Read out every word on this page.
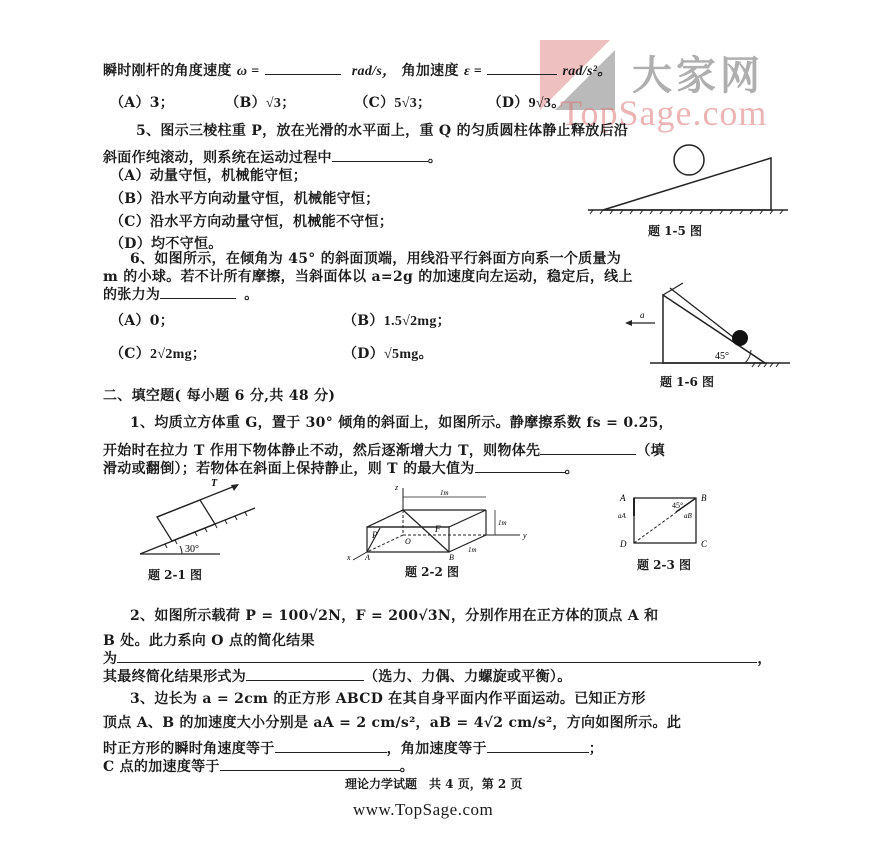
大家网
TopSage.com
瞬时刚杆的角度速度 ω =	rad/s， 角加速度 ε =	rad/s²。
（A）3；	（B）√3；	（C）5√3；	（D）9√3。
5、图示三棱柱重 P，放在光滑的水平面上，重 Q 的匀质圆柱体静止释放后沿
斜面作纯滚动，则系统在运动过程中	。
（A）动量守恒，机械能守恒；
（B）沿水平方向动量守恒，机械能守恒；
（C）沿水平方向动量守恒，机械能不守恒；
（D）均不守恒。
题 1-5 图
6、如图所示，在倾角为 45° 的斜面顶端，用线沿平行斜面方向系一个质量为
m 的小球。若不计所有摩擦，当斜面体以 a=2g 的加速度向左运动，稳定后，线上
的张力为	。
（A）0；	（B）1.5√2mg；
（C）2√2mg；	（D）√5mg。
a
45°
题 1-6 图
二、填空题( 每小题 6 分,共 48 分)
1、均质立方体重 G，置于 30° 倾角的斜面上，如图所示。静摩擦系数 fs = 0.25，
开始时在拉力 T 作用下物体静止不动，然后逐渐增大力 T，则物体先	（填
滑动或翻倒）；若物体在斜面上保持静止，则 T 的最大值为	。
T
30°
题 2-1 图
z
y
x
P
F
O
A	B
1m
1m
1m
题 2-2 图
A	B
C
D
45°
aA	aB
题 2-3 图
2、如图所示载荷 P = 100√2N，F = 200√3N，分别作用在正方体的顶点 A 和
B 处。此力系向 O 点的简化结果
为	，
其最终简化结果形式为	（选力、力偶、力螺旋或平衡）。
3、边长为 a = 2cm 的正方形 ABCD 在其自身平面内作平面运动。已知正方形
顶点 A、B 的加速度大小分别是 aA = 2 cm/s²，aB = 4√2 cm/s²，方向如图所示。此
时正方形的瞬时角速度等于	，角加速度等于	；
C 点的加速度等于	。
理论力学试题　共 4 页，第 2 页
www.TopSage.com
